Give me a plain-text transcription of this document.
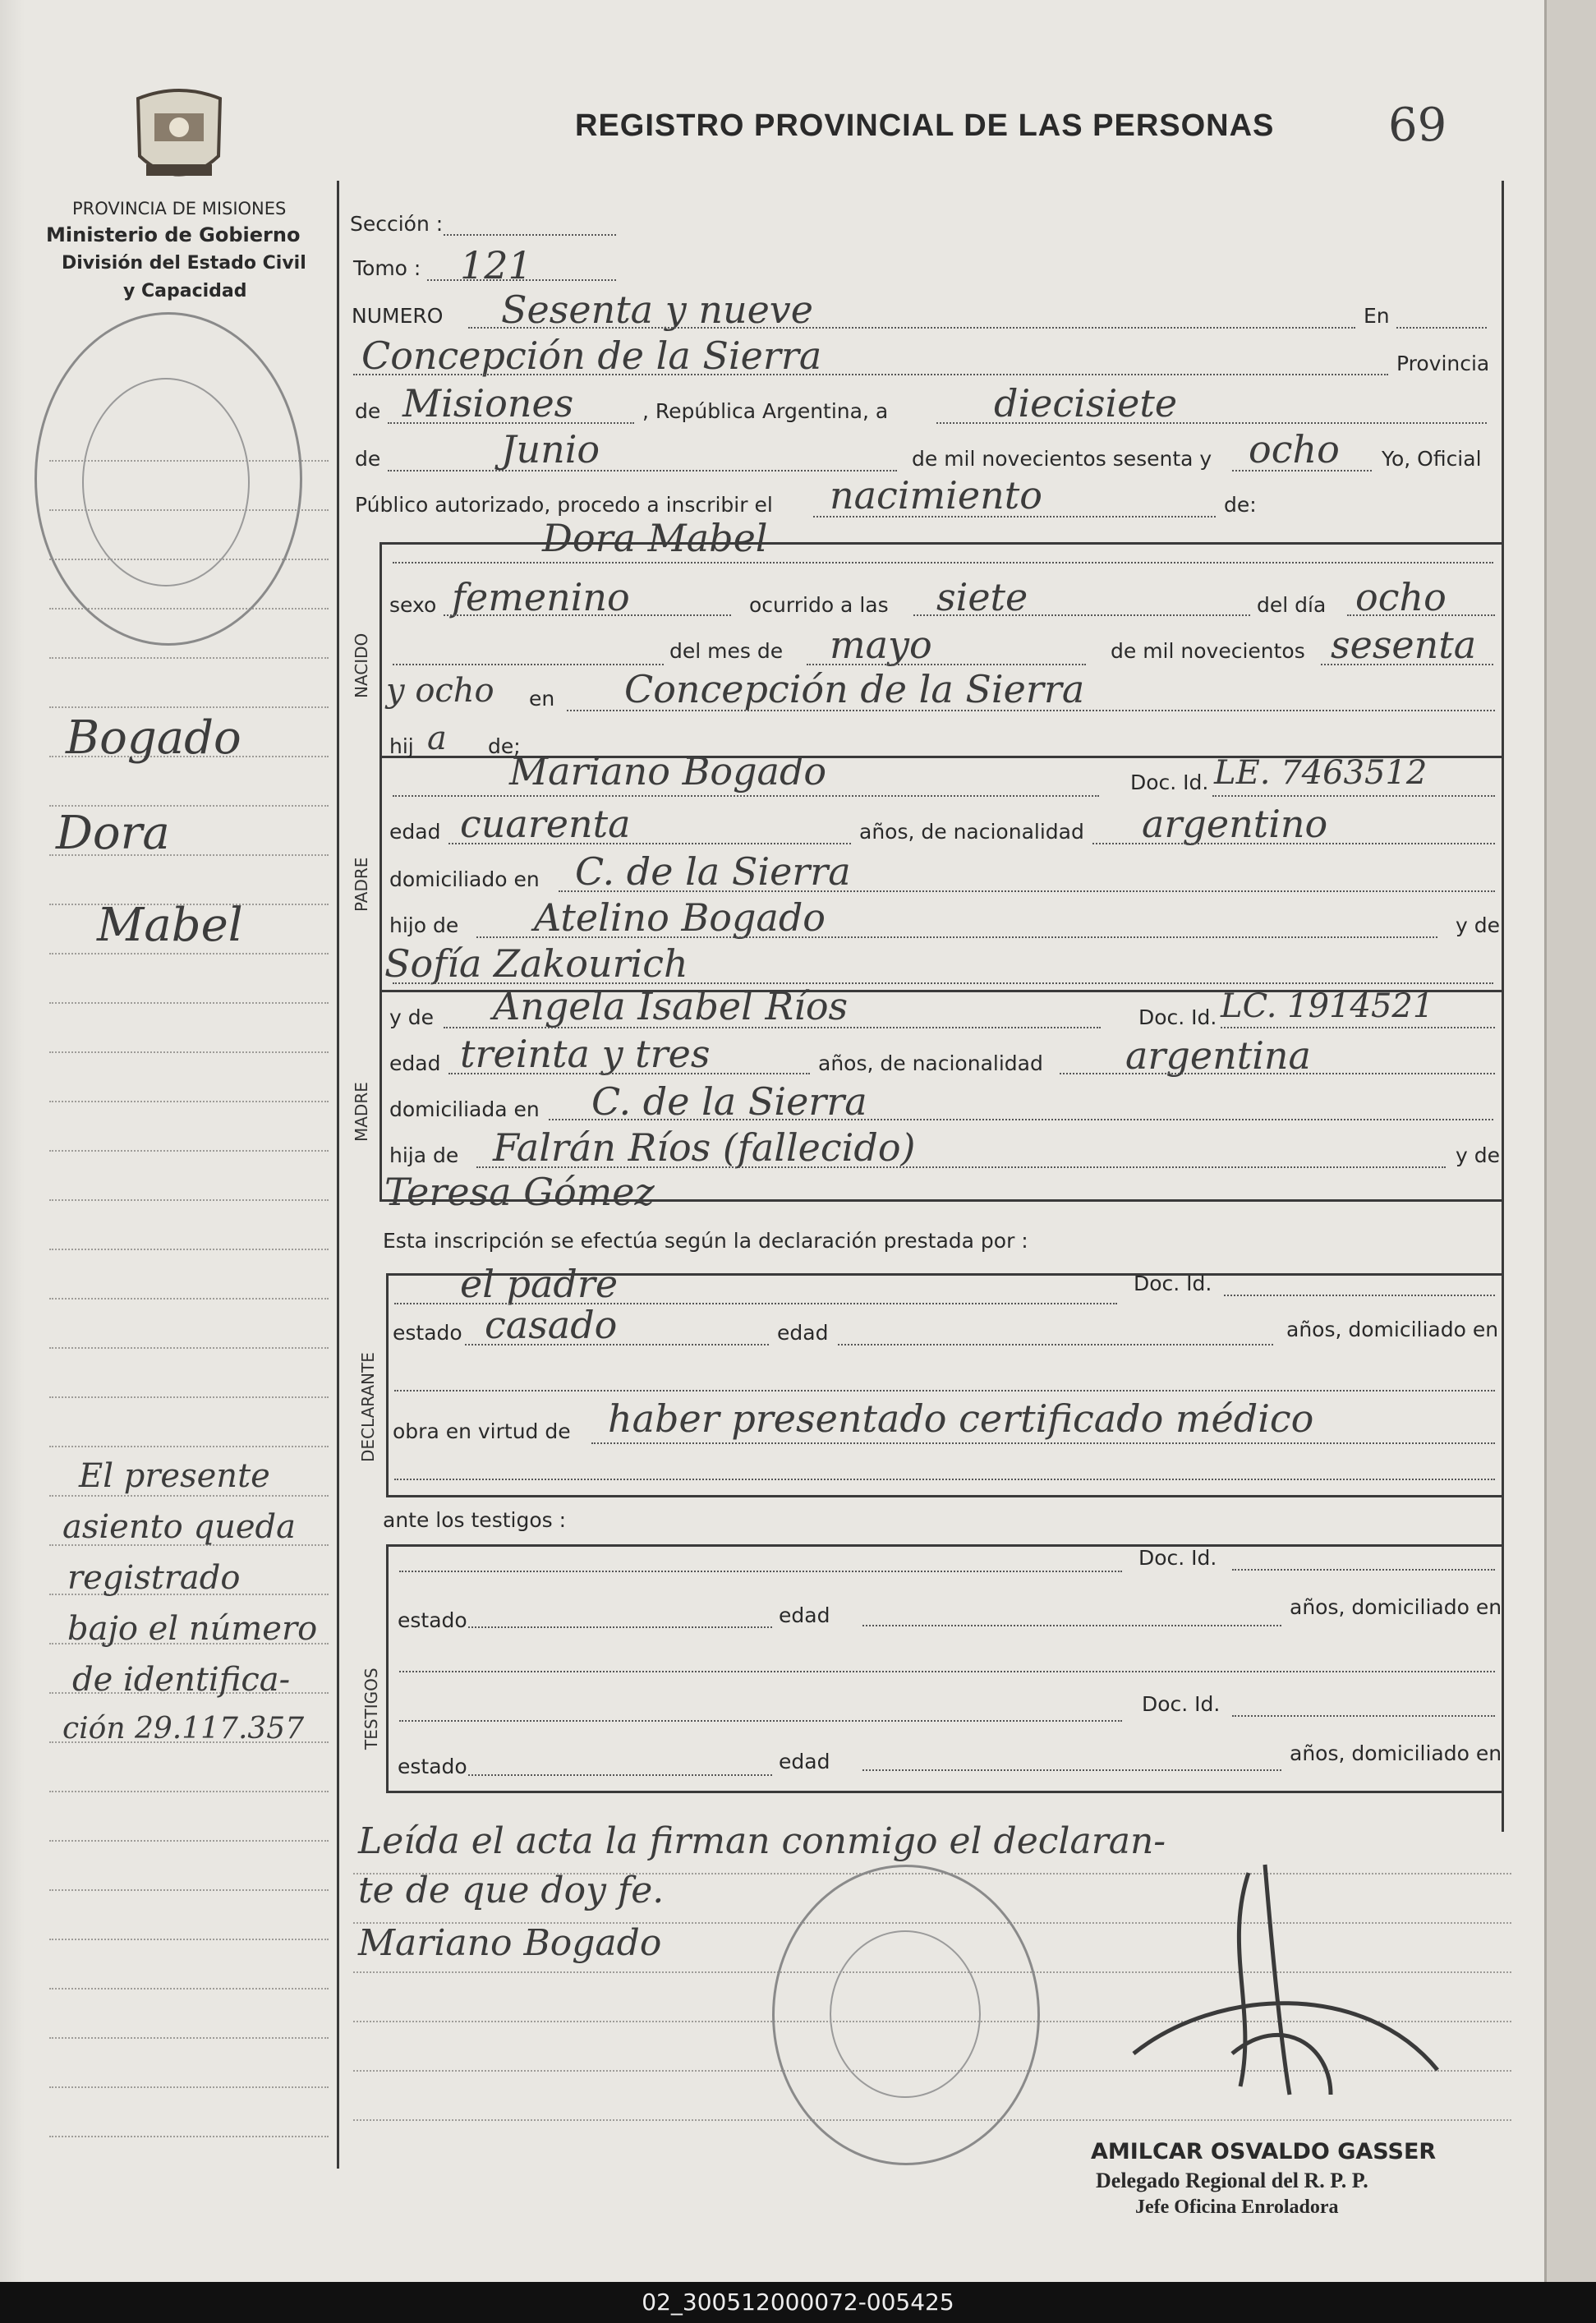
PROVINCIA DE MISIONES
Ministerio de Gobierno
División del Estado Civil
y Capacidad
REGISTRO PROVINCIAL DE LAS PERSONAS 69
Sección :
Tomo : 121
NUMERO Sesenta y nueve	En
Concepción de la Sierra	Provincia
de Misiones	, República Argentina, a	diecisiete
de	Junio	de mil novecientos sesenta y ocho Yo, Oficial
Público autorizado, procedo a inscribir el nacimiento	de:
NACIDO
Dora Mabel
sexo femenino	ocurrido a las siete	del día ocho
del mes de mayo	de mil novecientos sesenta
y ocho en Concepción de la Sierra
hij a de;
PADRE
Mariano Bogado	Doc. Id. LE. 7463512
edad cuarenta	años, de nacionalidad argentino
domiciliado en C. de la Sierra
hijo de Atelino Bogado	y de
Sofía Zakourich
MADRE
y de Angela Isabel Ríos	Doc. Id. LC. 1914521
edad treinta y tres	años, de nacionalidad argentina
domiciliada en C. de la Sierra
hija de Falrán Ríos (fallecido)	y de
Teresa Gómez
Esta inscripción se efectúa según la declaración prestada por :
DECLARANTE
el padre	Doc. Id.
estado casado	edad	años, domiciliado en
obra en virtud de haber presentado certificado médico
ante los testigos :
TESTIGOS
Doc. Id.
estado	edad	años, domiciliado en
Doc. Id.
estado	edad	años, domiciliado en
Leída el acta la firman conmigo el declaran-
te de que doy fe.
Mariano Bogado
AMILCAR OSVALDO GASSER
Delegado Regional del R. P. P.
Jefe Oficina Enroladora
Bogado
Dora
Mabel
El presente
asiento queda
registrado
bajo el número
de identifica-
ción 29.117.357
02_300512000072-005425
